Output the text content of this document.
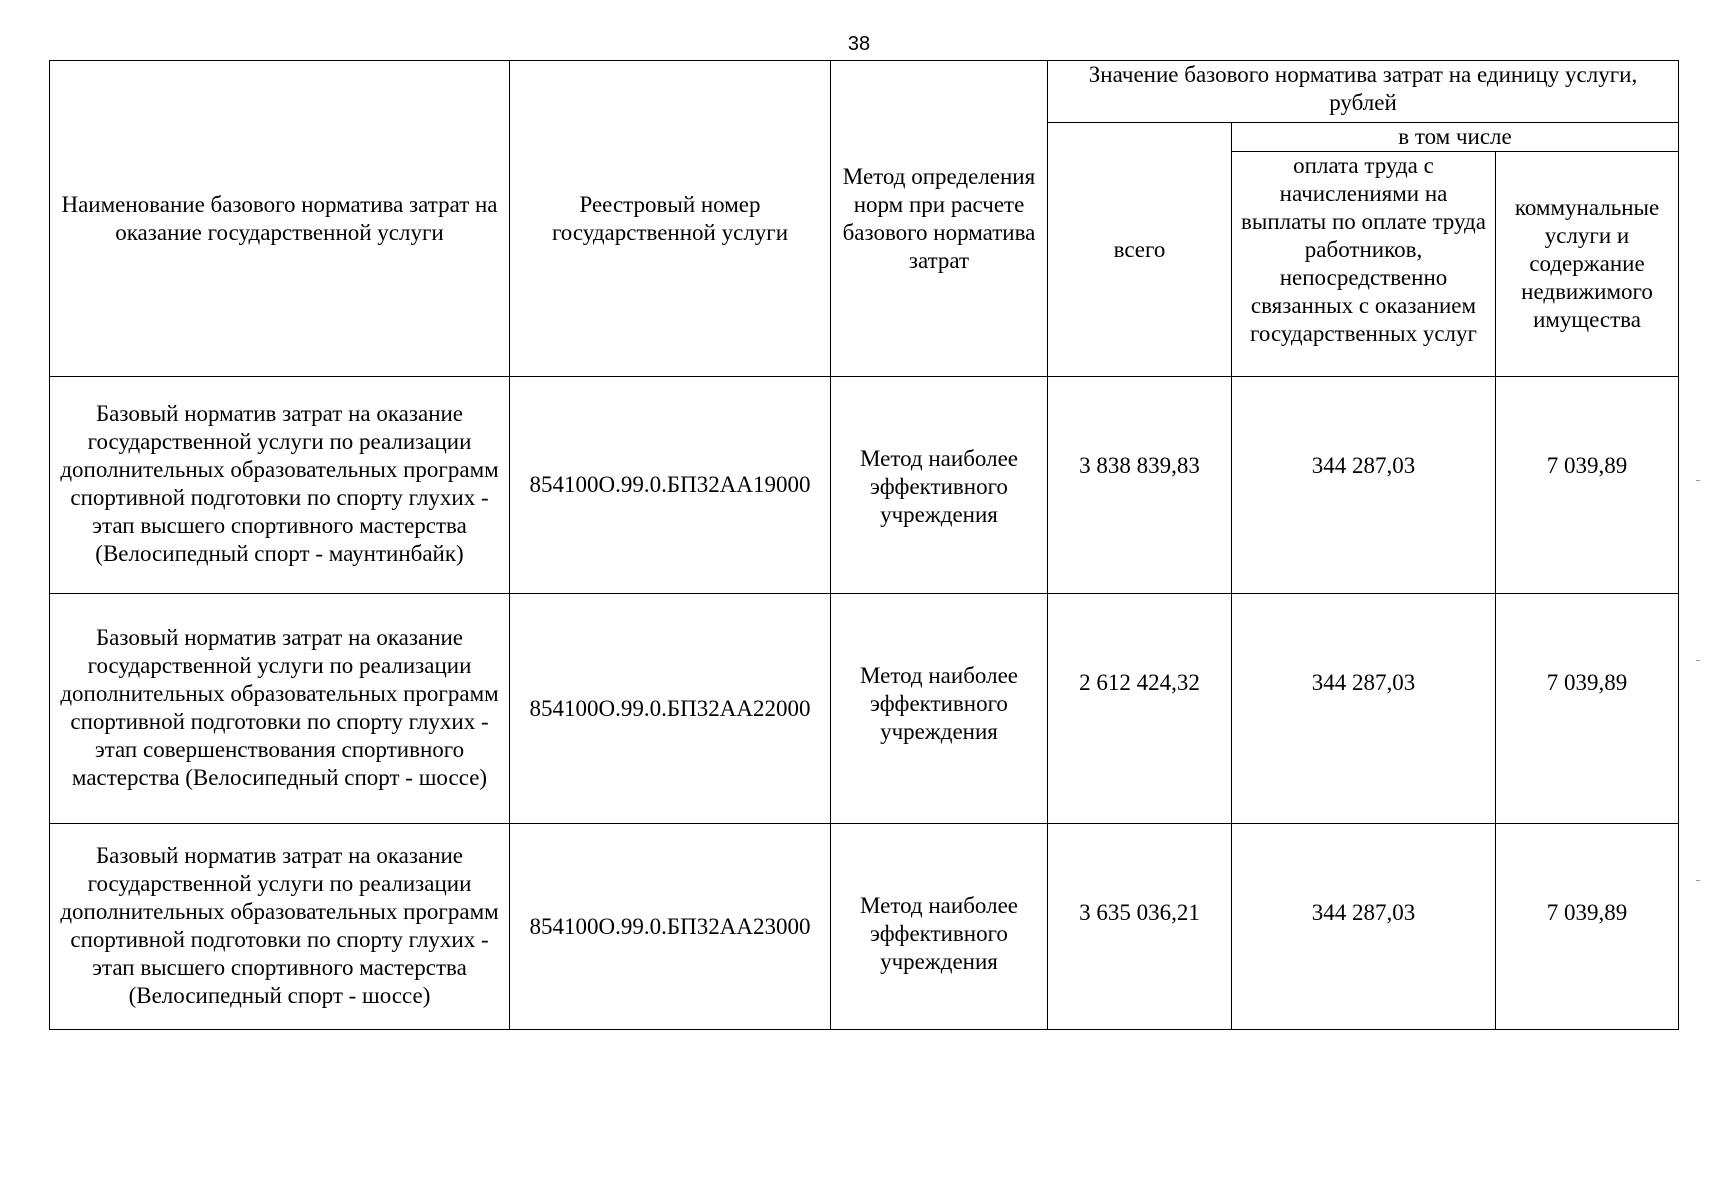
38
Наименование базового норматива затрат на оказание государственной услуги	Реестровый номер государственной услуги	Метод определения норм при расчете базового норматива затрат	Значение базового норматива затрат на единицу услуги, рублей		
			всего	в том числе	
				оплата труда с начислениями на выплаты по оплате труда работников, непосредственно связанных с оказанием государственных услуг	коммунальные услуги и содержание недвижимого имущества
Базовый норматив затрат на оказание государственной услуги по реализации дополнительных образовательных программ спортивной подготовки по спорту глухих - этап высшего спортивного мастерства (Велосипедный спорт - маунтинбайк)	854100О.99.0.БП32АА19000	Метод наиболее эффективного учреждения	3 838 839,83	344 287,03	7 039,89
Базовый норматив затрат на оказание государственной услуги по реализации дополнительных образовательных программ спортивной подготовки по спорту глухих - этап совершенствования спортивного мастерства (Велосипедный спорт - шоссе)	854100О.99.0.БП32АА22000	Метод наиболее эффективного учреждения	2 612 424,32	344 287,03	7 039,89
Базовый норматив затрат на оказание государственной услуги по реализации дополнительных образовательных программ спортивной подготовки по спорту глухих - этап высшего спортивного мастерства (Велосипедный спорт - шоссе)	854100О.99.0.БП32АА23000	Метод наиболее эффективного учреждения	3 635 036,21	344 287,03	7 039,89
